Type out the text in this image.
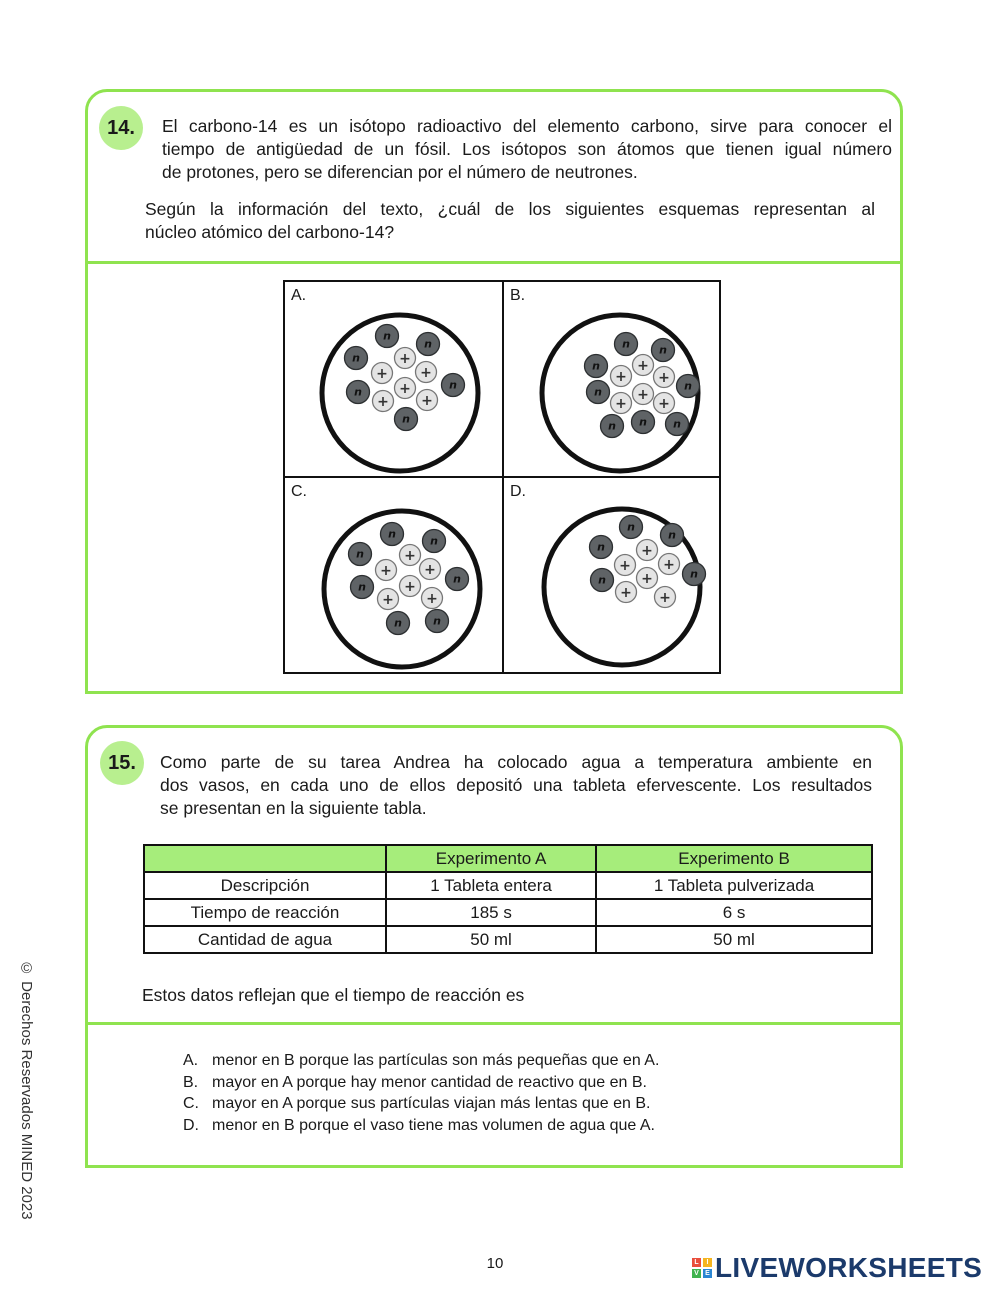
14.	El carbono-14 es un isótopo radioactivo del elemento carbono, sirve para conocer el
tiempo de antigüedad de un fósil. Los isótopos son átomos que tienen igual número
de protones, pero se diferencian por el número de neutrones.
Según la información del texto, ¿cuál de los siguientes esquemas representan al
núcleo atómico del carbono-14?
A.	B.
C.	D.
n
n
n	+
+ +
n
n	+
+ +
n
n	n
n	+
+ + n
n	+
+ +
n n n
n
n
n	+
+ +
n
n	+
+ +
n	n
n
n
n	+
+ +
n
n	+
+ +
15.	Como parte de su tarea Andrea ha colocado agua a temperatura ambiente en
dos vasos, en cada uno de ellos depositó una tableta efervescente. Los resultados
se presentan en la siguiente tabla.
	Experimento A	Experimento B
Descripción	1 Tableta entera	1 Tableta pulverizada
Tiempo de reacción	185 s	6 s
Cantidad de agua	50 ml	50 ml
Estos datos reflejan que el tiempo de reacción es
A. menor en B porque las partículas son más pequeñas que en A.
B. mayor en A porque hay menor cantidad de reactivo que en B.
C. mayor en A porque sus partículas viajan más lentas que en B.
D. menor en B porque el vaso tiene mas volumen de agua que A.
© Derechos Reservados MINED 2023
10	L	I
V E LIVEWORKSHEETS
